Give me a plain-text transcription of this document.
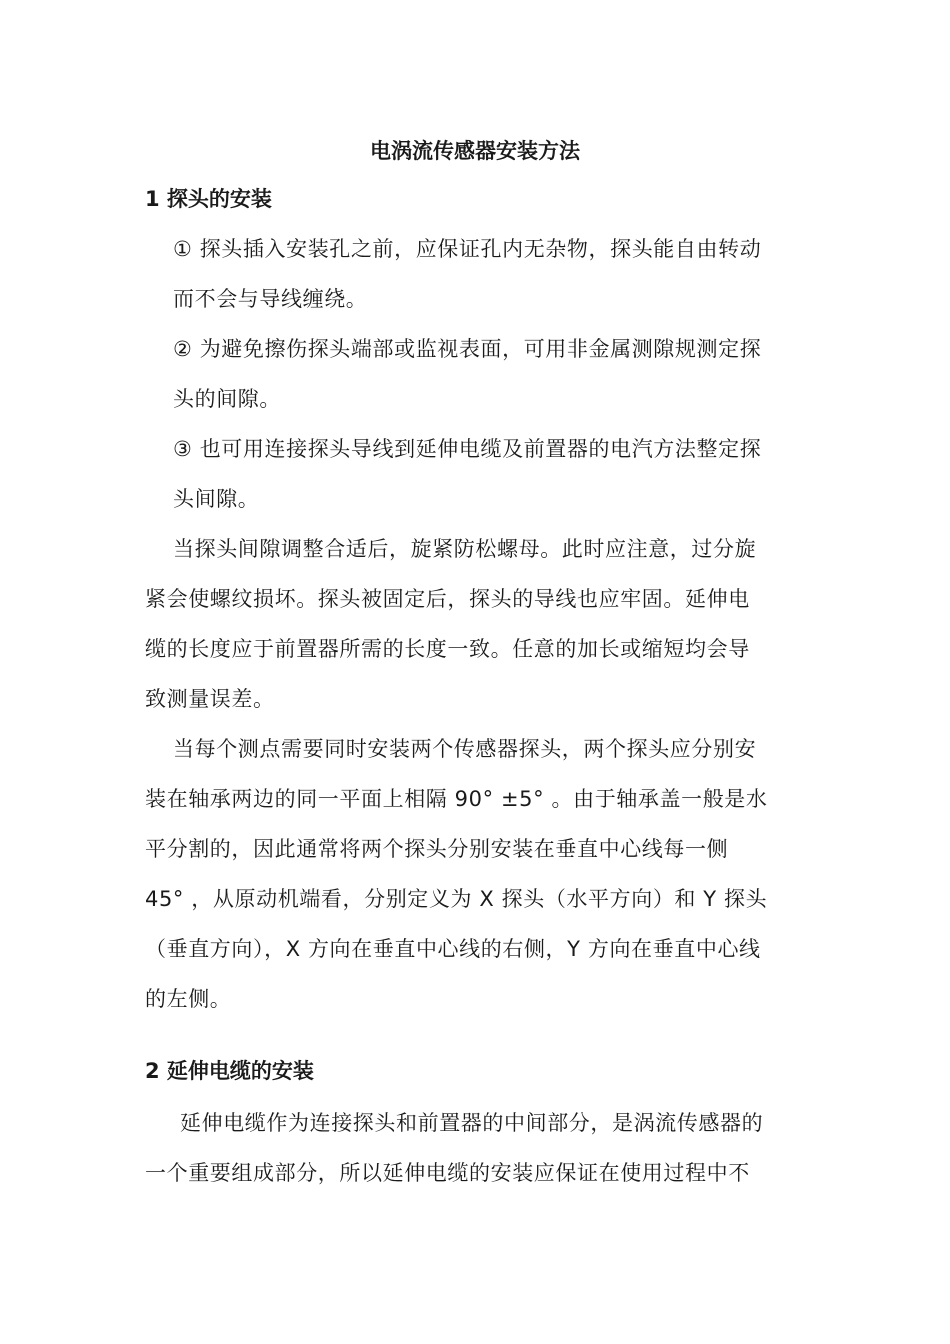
电涡流传感器安装方法
1 探头的安装
① 探头插入安装孔之前，应保证孔内无杂物，探头能自由转动
而不会与导线缠绕。
② 为避免擦伤探头端部或监视表面，可用非金属测隙规测定探
头的间隙。
③ 也可用连接探头导线到延伸电缆及前置器的电汽方法整定探
头间隙。
当探头间隙调整合适后，旋紧防松螺母。此时应注意，过分旋
紧会使螺纹损坏。探头被固定后，探头的导线也应牢固。延伸电
缆的长度应于前置器所需的长度一致。任意的加长或缩短均会导
致测量误差。
当每个测点需要同时安装两个传感器探头，两个探头应分别安
装在轴承两边的同一平面上相隔 90° ±5° 。由于轴承盖一般是水
平分割的，因此通常将两个探头分别安装在垂直中心线每一侧
45° ，从原动机端看，分别定义为 X 探头（水平方向）和 Y 探头
（垂直方向），X 方向在垂直中心线的右侧，Y 方向在垂直中心线
的左侧。
2 延伸电缆的安装
延伸电缆作为连接探头和前置器的中间部分，是涡流传感器的
一个重要组成部分，所以延伸电缆的安装应保证在使用过程中不
